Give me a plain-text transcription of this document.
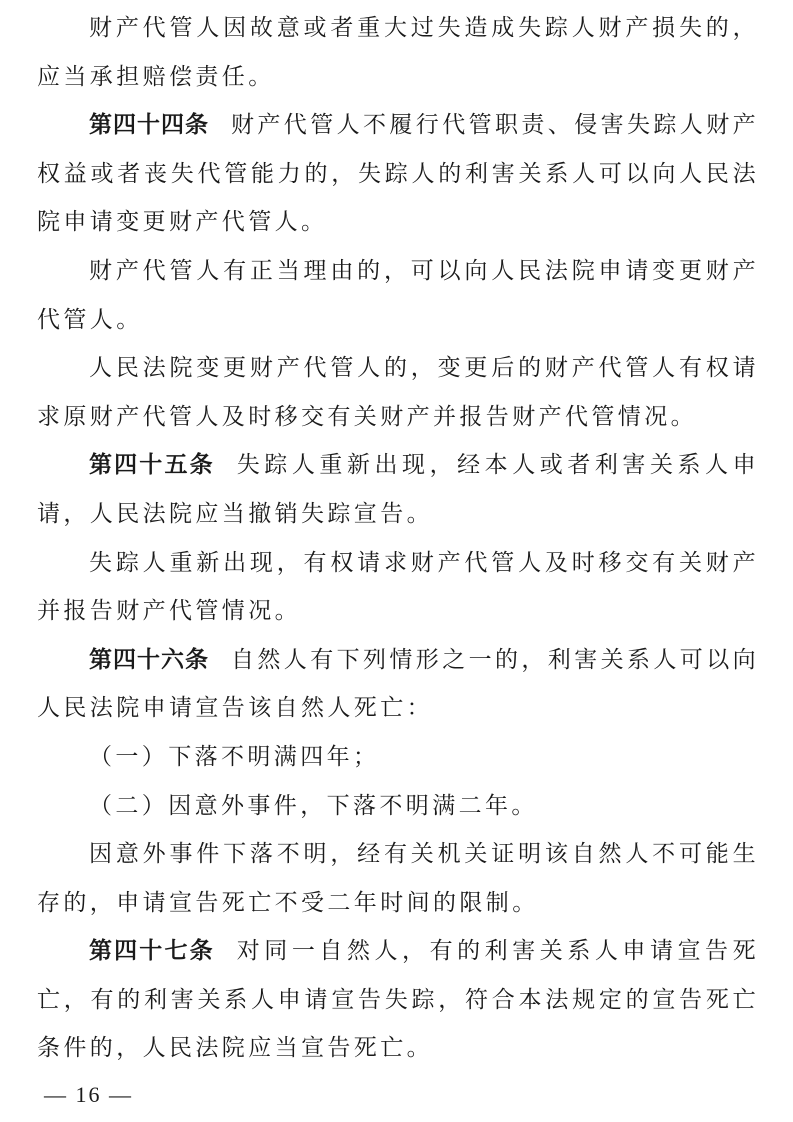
财产代管人因故意或者重大过失造成失踪人财产损失的，应当承担赔偿责任。

第四十四条 财产代管人不履行代管职责、侵害失踪人财产权益或者丧失代管能力的，失踪人的利害关系人可以向人民法院申请变更财产代管人。

财产代管人有正当理由的，可以向人民法院申请变更财产代管人。

人民法院变更财产代管人的，变更后的财产代管人有权请求原财产代管人及时移交有关财产并报告财产代管情况。

第四十五条 失踪人重新出现，经本人或者利害关系人申请，人民法院应当撤销失踪宣告。

失踪人重新出现，有权请求财产代管人及时移交有关财产并报告财产代管情况。

第四十六条 自然人有下列情形之一的，利害关系人可以向人民法院申请宣告该自然人死亡：

（一）下落不明满四年；

（二）因意外事件，下落不明满二年。

因意外事件下落不明，经有关机关证明该自然人不可能生存的，申请宣告死亡不受二年时间的限制。

第四十七条 对同一自然人，有的利害关系人申请宣告死亡，有的利害关系人申请宣告失踪，符合本法规定的宣告死亡条件的，人民法院应当宣告死亡。

— 16 —
